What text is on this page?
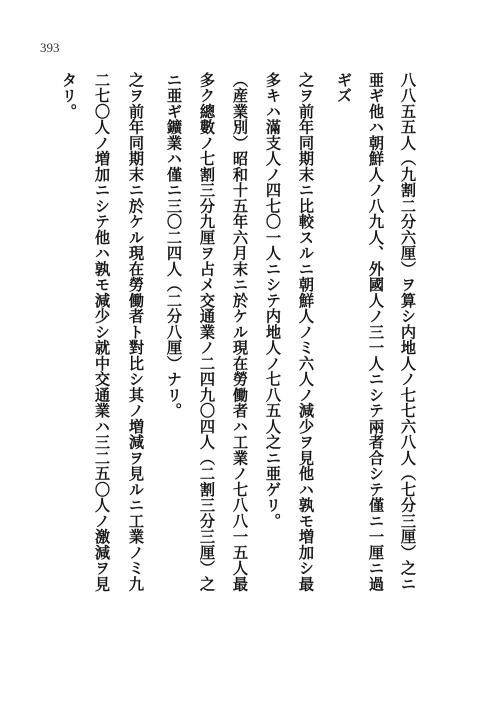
393
八八五五人（九割二分六厘）ヲ算シ内地人ノ七七六八人（七分三厘）之ニ
亜ギ他ハ朝鮮人ノ八九人、外國人ノ三一人ニシテ兩者合シテ僅ニ一厘ニ過
ギズ
之ヲ前年同期末ニ比較スルニ朝鮮人ノミ六人ノ減少ヲ見他ハ孰モ増加シ最
多キハ滿支人ノ四七〇一人ニシテ内地人ノ七八五人之ニ亜ゲリ。
（産業別）昭和十五年六月末ニ於ケル現在勞働者ハ工業ノ七八八一五人最
多ク總數ノ七割三分九厘ヲ占メ交通業ノ二四九〇四人（二割三分三厘）之
ニ亜ギ鑛業ハ僅ニ三〇二四人（二分八厘）ナリ。
之ヲ前年同期末ニ於ケル現在勞働者ト對比シ其ノ増減ヲ見ルニ工業ノミ九
二七〇人ノ増加ニシテ他ハ孰モ減少シ就中交通業ハ三二五〇人ノ激減ヲ見
タリ。
